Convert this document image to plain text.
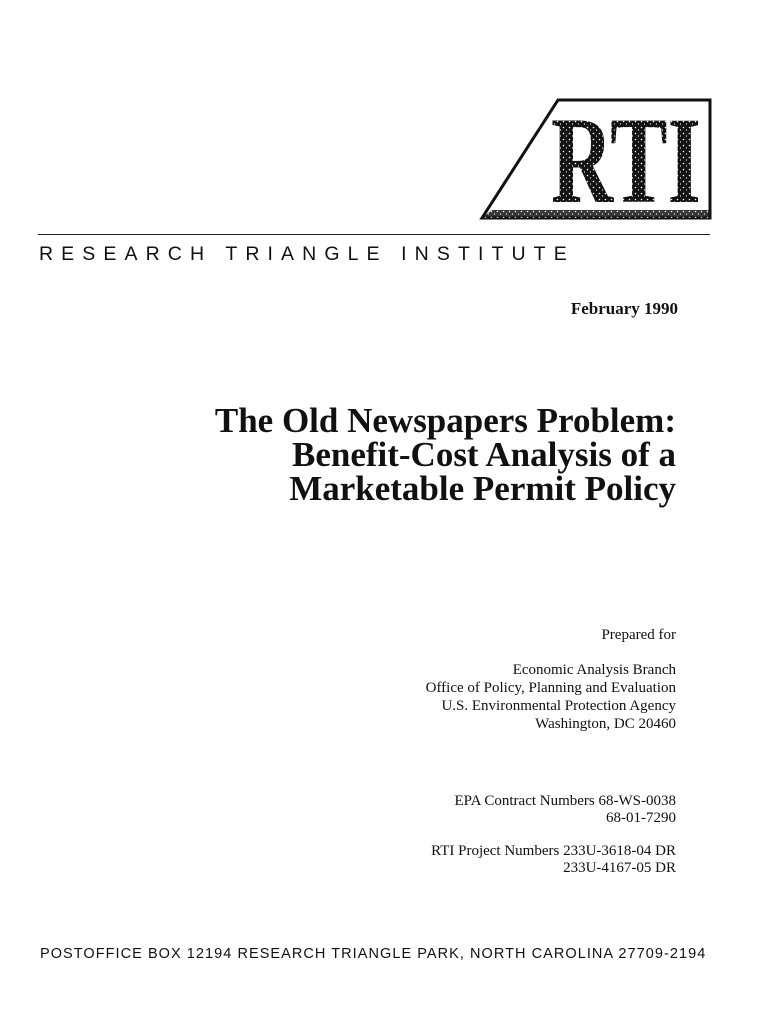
RTI
RESEARCH TRIANGLE INSTITUTE
February 1990
The Old Newspapers Problem:
Benefit-Cost Analysis of a
Marketable Permit Policy
Prepared for
Economic Analysis Branch
Office of Policy, Planning and Evaluation
U.S. Environmental Protection Agency
Washington, DC 20460
EPA Contract Numbers 68-WS-0038
68-01-7290
RTI Project Numbers 233U-3618-04 DR
233U-4167-05 DR
POSTOFFICE BOX 12194 RESEARCH TRIANGLE PARK, NORTH CAROLINA 27709-2194
